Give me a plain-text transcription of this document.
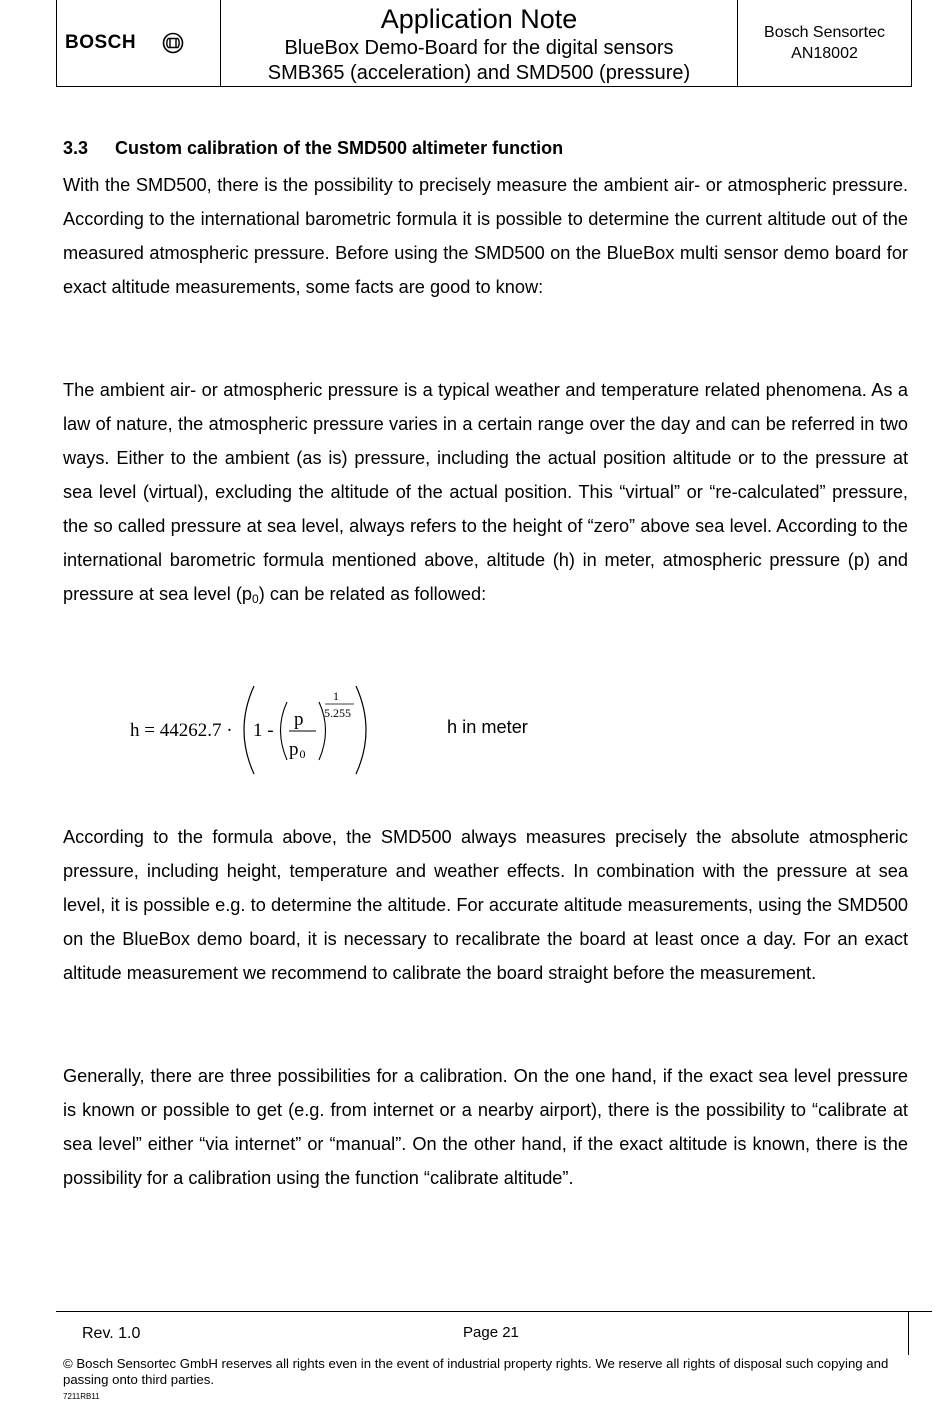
BOSCH
Application Note
BlueBox Demo-Board for the digital sensors
SMB365 (acceleration) and SMD500 (pressure)
Bosch Sensortec
AN18002
3.3 Custom calibration of the SMD500 altimeter function

With the SMD500, there is the possibility to precisely measure the ambient air- or atmospheric pressure. According to the international barometric formula it is possible to determine the current altitude out of the measured atmospheric pressure. Before using the SMD500 on the BlueBox multi sensor demo board for exact altitude measurements, some facts are good to know:

The ambient air- or atmospheric pressure is a typical weather and temperature related phenomena. As a law of nature, the atmospheric pressure varies in a certain range over the day and can be referred in two ways. Either to the ambient (as is) pressure, including the actual position altitude or to the pressure at sea level (virtual), excluding the altitude of the actual position. This “virtual” or “re-calculated” pressure, the so called pressure at sea level, always refers to the height of “zero” above sea level. According to the international barometric formula mentioned above, altitude (h) in meter, atmospheric pressure (p) and pressure at sea level $(p_0)$ can be related as followed:

h = 44262.7 · 1 -
p
p0
1
5.255
h in meter

According to the formula above, the SMD500 always measures precisely the absolute atmospheric pressure, including height, temperature and weather effects. In combination with the pressure at sea level, it is possible e.g. to determine the altitude. For accurate altitude measurements, using the SMD500 on the BlueBox demo board, it is necessary to recalibrate the board at least once a day. For an exact altitude measurement we recommend to calibrate the board straight before the measurement.

Generally, there are three possibilities for a calibration. On the one hand, if the exact sea level pressure is known or possible to get (e.g. from internet or a nearby airport), there is the possibility to “calibrate at sea level” either “via internet” or “manual”. On the other hand, if the exact altitude is known, there is the possibility for a calibration using the function “calibrate altitude”.

Rev. 1.0	Page 21
© Bosch Sensortec GmbH reserves all rights even in the event of industrial property rights. We reserve all rights of disposal such copying and passing onto third parties.
7211RB11
